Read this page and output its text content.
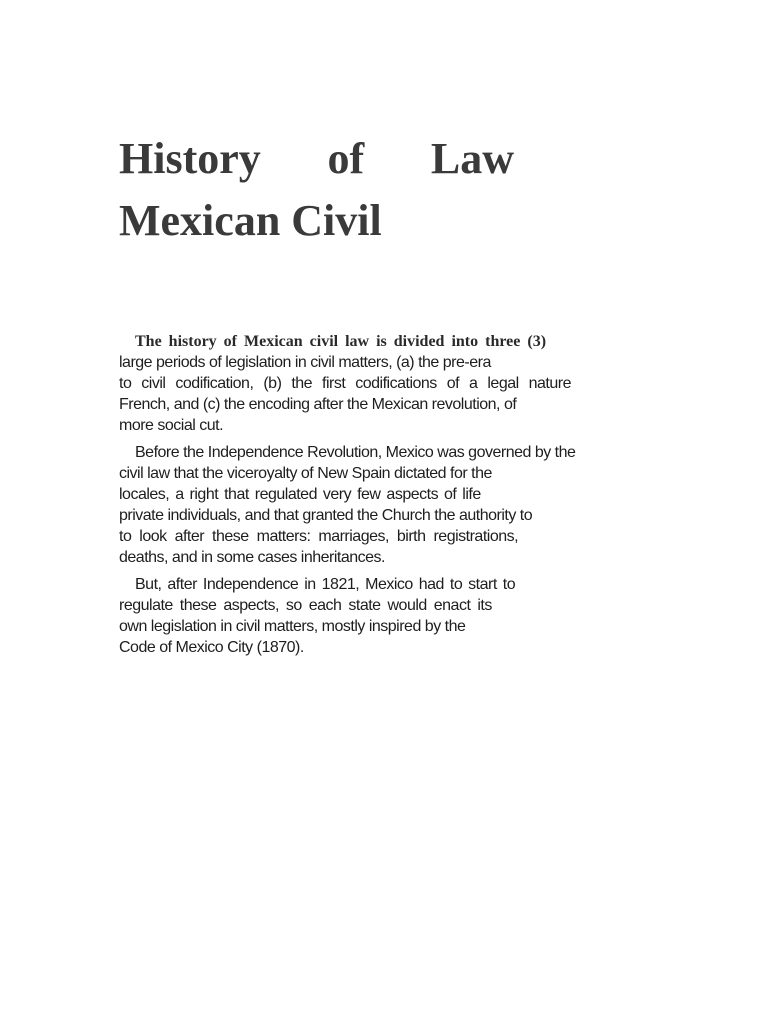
History of Law
Mexican Civil

The history of Mexican civil law is divided into three (3)
large periods of legislation in civil matters, (a) the pre-era
to civil codification, (b) the first codifications of a legal nature
French, and (c) the encoding after the Mexican revolution, of
more social cut.

Before the Independence Revolution, Mexico was governed by the
civil law that the viceroyalty of New Spain dictated for the
locales, a right that regulated very few aspects of life
private individuals, and that granted the Church the authority to
to look after these matters: marriages, birth registrations,
deaths, and in some cases inheritances.

But, after Independence in 1821, Mexico had to start to
regulate these aspects, so each state would enact its
own legislation in civil matters, mostly inspired by the
Code of Mexico City (1870).
